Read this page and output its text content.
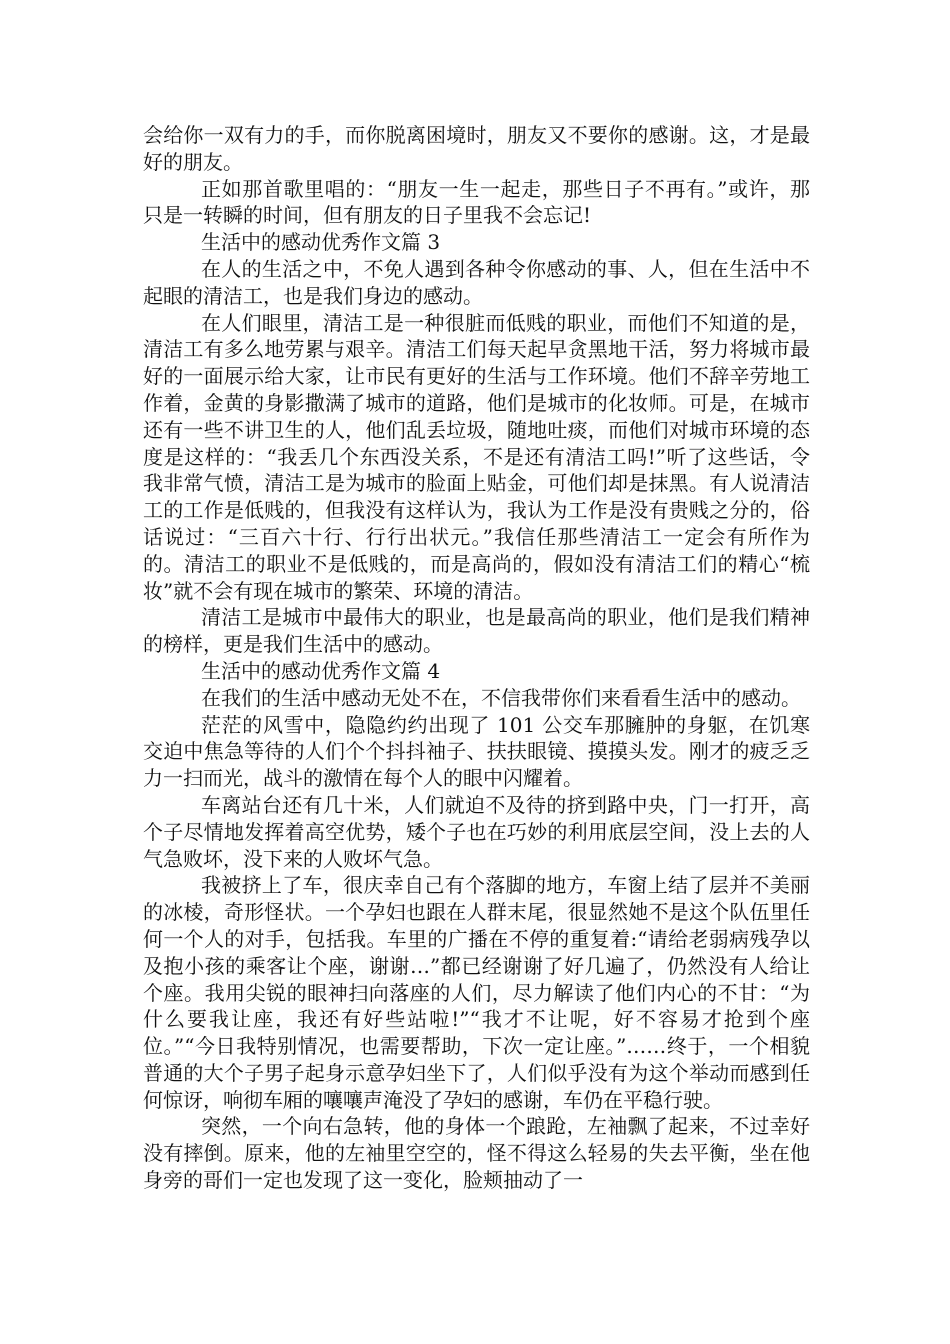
会给你一双有力的手，而你脱离困境时，朋友又不要你的感谢。这，才是最好的朋友。

正如那首歌里唱的：“朋友一生一起走，那些日子不再有。”或许，那只是一转瞬的时间，但有朋友的日子里我不会忘记!

生活中的感动优秀作文篇 3

在人的生活之中，不免人遇到各种令你感动的事、人，但在生活中不起眼的清洁工，也是我们身边的感动。

在人们眼里，清洁工是一种很脏而低贱的职业，而他们不知道的是，清洁工有多么地劳累与艰辛。清洁工们每天起早贪黑地干活，努力将城市最好的一面展示给大家，让市民有更好的生活与工作环境。他们不辞辛劳地工作着，金黄的身影撒满了城市的道路，他们是城市的化妆师。可是，在城市还有一些不讲卫生的人，他们乱丢垃圾，随地吐痰，而他们对城市环境的态度是这样的：“我丢几个东西没关系，不是还有清洁工吗!”听了这些话，令我非常气愤，清洁工是为城市的脸面上贴金，可他们却是抹黑。有人说清洁工的工作是低贱的，但我没有这样认为，我认为工作是没有贵贱之分的，俗话说过：“三百六十行、行行出状元。”我信任那些清洁工一定会有所作为的。清洁工的职业不是低贱的，而是高尚的，假如没有清洁工们的精心“梳妆”就不会有现在城市的繁荣、环境的清洁。

清洁工是城市中最伟大的职业，也是最高尚的职业，他们是我们精神的榜样，更是我们生活中的感动。

生活中的感动优秀作文篇 4

在我们的生活中感动无处不在，不信我带你们来看看生活中的感动。

茫茫的风雪中，隐隐约约出现了 101 公交车那臃肿的身躯，在饥寒交迫中焦急等待的人们个个抖抖袖子、扶扶眼镜、摸摸头发。刚才的疲乏乏力一扫而光，战斗的激情在每个人的眼中闪耀着。

车离站台还有几十米，人们就迫不及待的挤到路中央，门一打开，高个子尽情地发挥着高空优势，矮个子也在巧妙的利用底层空间，没上去的人气急败坏，没下来的人败坏气急。

我被挤上了车，很庆幸自己有个落脚的地方，车窗上结了层并不美丽的冰棱，奇形怪状。一个孕妇也跟在人群末尾，很显然她不是这个队伍里任何一个人的对手，包括我。车里的广播在不停的重复着:“请给老弱病残孕以及抱小孩的乘客让个座，谢谢…”都已经谢谢了好几遍了，仍然没有人给让个座。我用尖锐的眼神扫向落座的人们，尽力解读了他们内心的不甘：“为什么要我让座，我还有好些站啦!”“我才不让呢，好不容易才抢到个座位。”“今日我特别情况，也需要帮助，下次一定让座。”……终于，一个相貌普通的大个子男子起身示意孕妇坐下了，人们似乎没有为这个举动而感到任何惊讶，响彻车厢的嚷嚷声淹没了孕妇的感谢，车仍在平稳行驶。

突然，一个向右急转，他的身体一个踉跄，左袖飘了起来，不过幸好没有摔倒。原来，他的左袖里空空的，怪不得这么轻易的失去平衡，坐在他身旁的哥们一定也发现了这一变化，脸颊抽动了一
